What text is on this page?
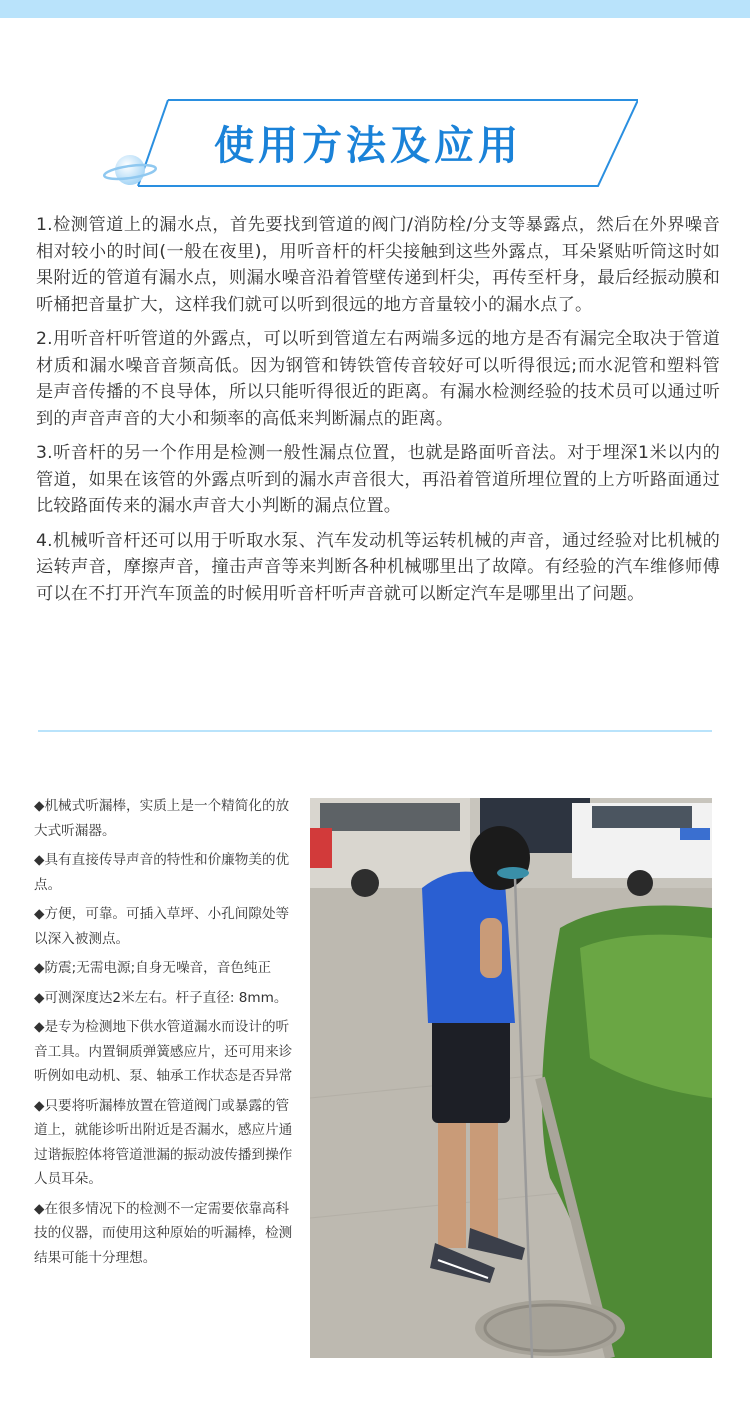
使用方法及应用

1.检测管道上的漏水点，首先要找到管道的阀门/消防栓/分支等暴露点，然后在外界噪音相对较小的时间(一般在夜里)，用听音杆的杆尖接触到这些外露点，耳朵紧贴听筒这时如果附近的管道有漏水点，则漏水噪音沿着管壁传递到杆尖，再传至杆身，最后经振动膜和听桶把音量扩大，这样我们就可以听到很远的地方音量较小的漏水点了。

2.用听音杆听管道的外露点，可以听到管道左右两端多远的地方是否有漏完全取决于管道材质和漏水噪音音频高低。因为钢管和铸铁管传音较好可以听得很远;而水泥管和塑料管是声音传播的不良导体，所以只能听得很近的距离。有漏水检测经验的技术员可以通过听到的声音声音的大小和频率的高低来判断漏点的距离。

3.听音杆的另一个作用是检测一般性漏点位置，也就是路面听音法。对于埋深1米以内的管道，如果在该管的外露点听到的漏水声音很大，再沿着管道所埋位置的上方听路面通过比较路面传来的漏水声音大小判断的漏点位置。

4.机械听音杆还可以用于听取水泵、汽车发动机等运转机械的声音，通过经验对比机械的运转声音，摩擦声音，撞击声音等来判断各种机械哪里出了故障。有经验的汽车维修师傅可以在不打开汽车顶盖的时候用听音杆听声音就可以断定汽车是哪里出了问题。

◆机械式听漏棒，实质上是一个精简化的放大式听漏器。

◆具有直接传导声音的特性和价廉物美的优点。

◆方便，可靠。可插入草坪、小孔间隙处等以深入被测点。

◆防震;无需电源;自身无噪音，音色纯正

◆可测深度达2米左右。杆子直径: 8mm。

◆是专为检测地下供水管道漏水而设计的听音工具。内置铜质弹簧感应片，还可用来诊听例如电动机、泵、轴承工作状态是否异常

◆只要将听漏棒放置在管道阀门或暴露的管道上，就能诊听出附近是否漏水，感应片通过谐振腔体将管道泄漏的振动波传播到操作人员耳朵。

◆在很多情况下的检测不一定需要依靠高科技的仪器，而使用这种原始的听漏棒，检测结果可能十分理想。
